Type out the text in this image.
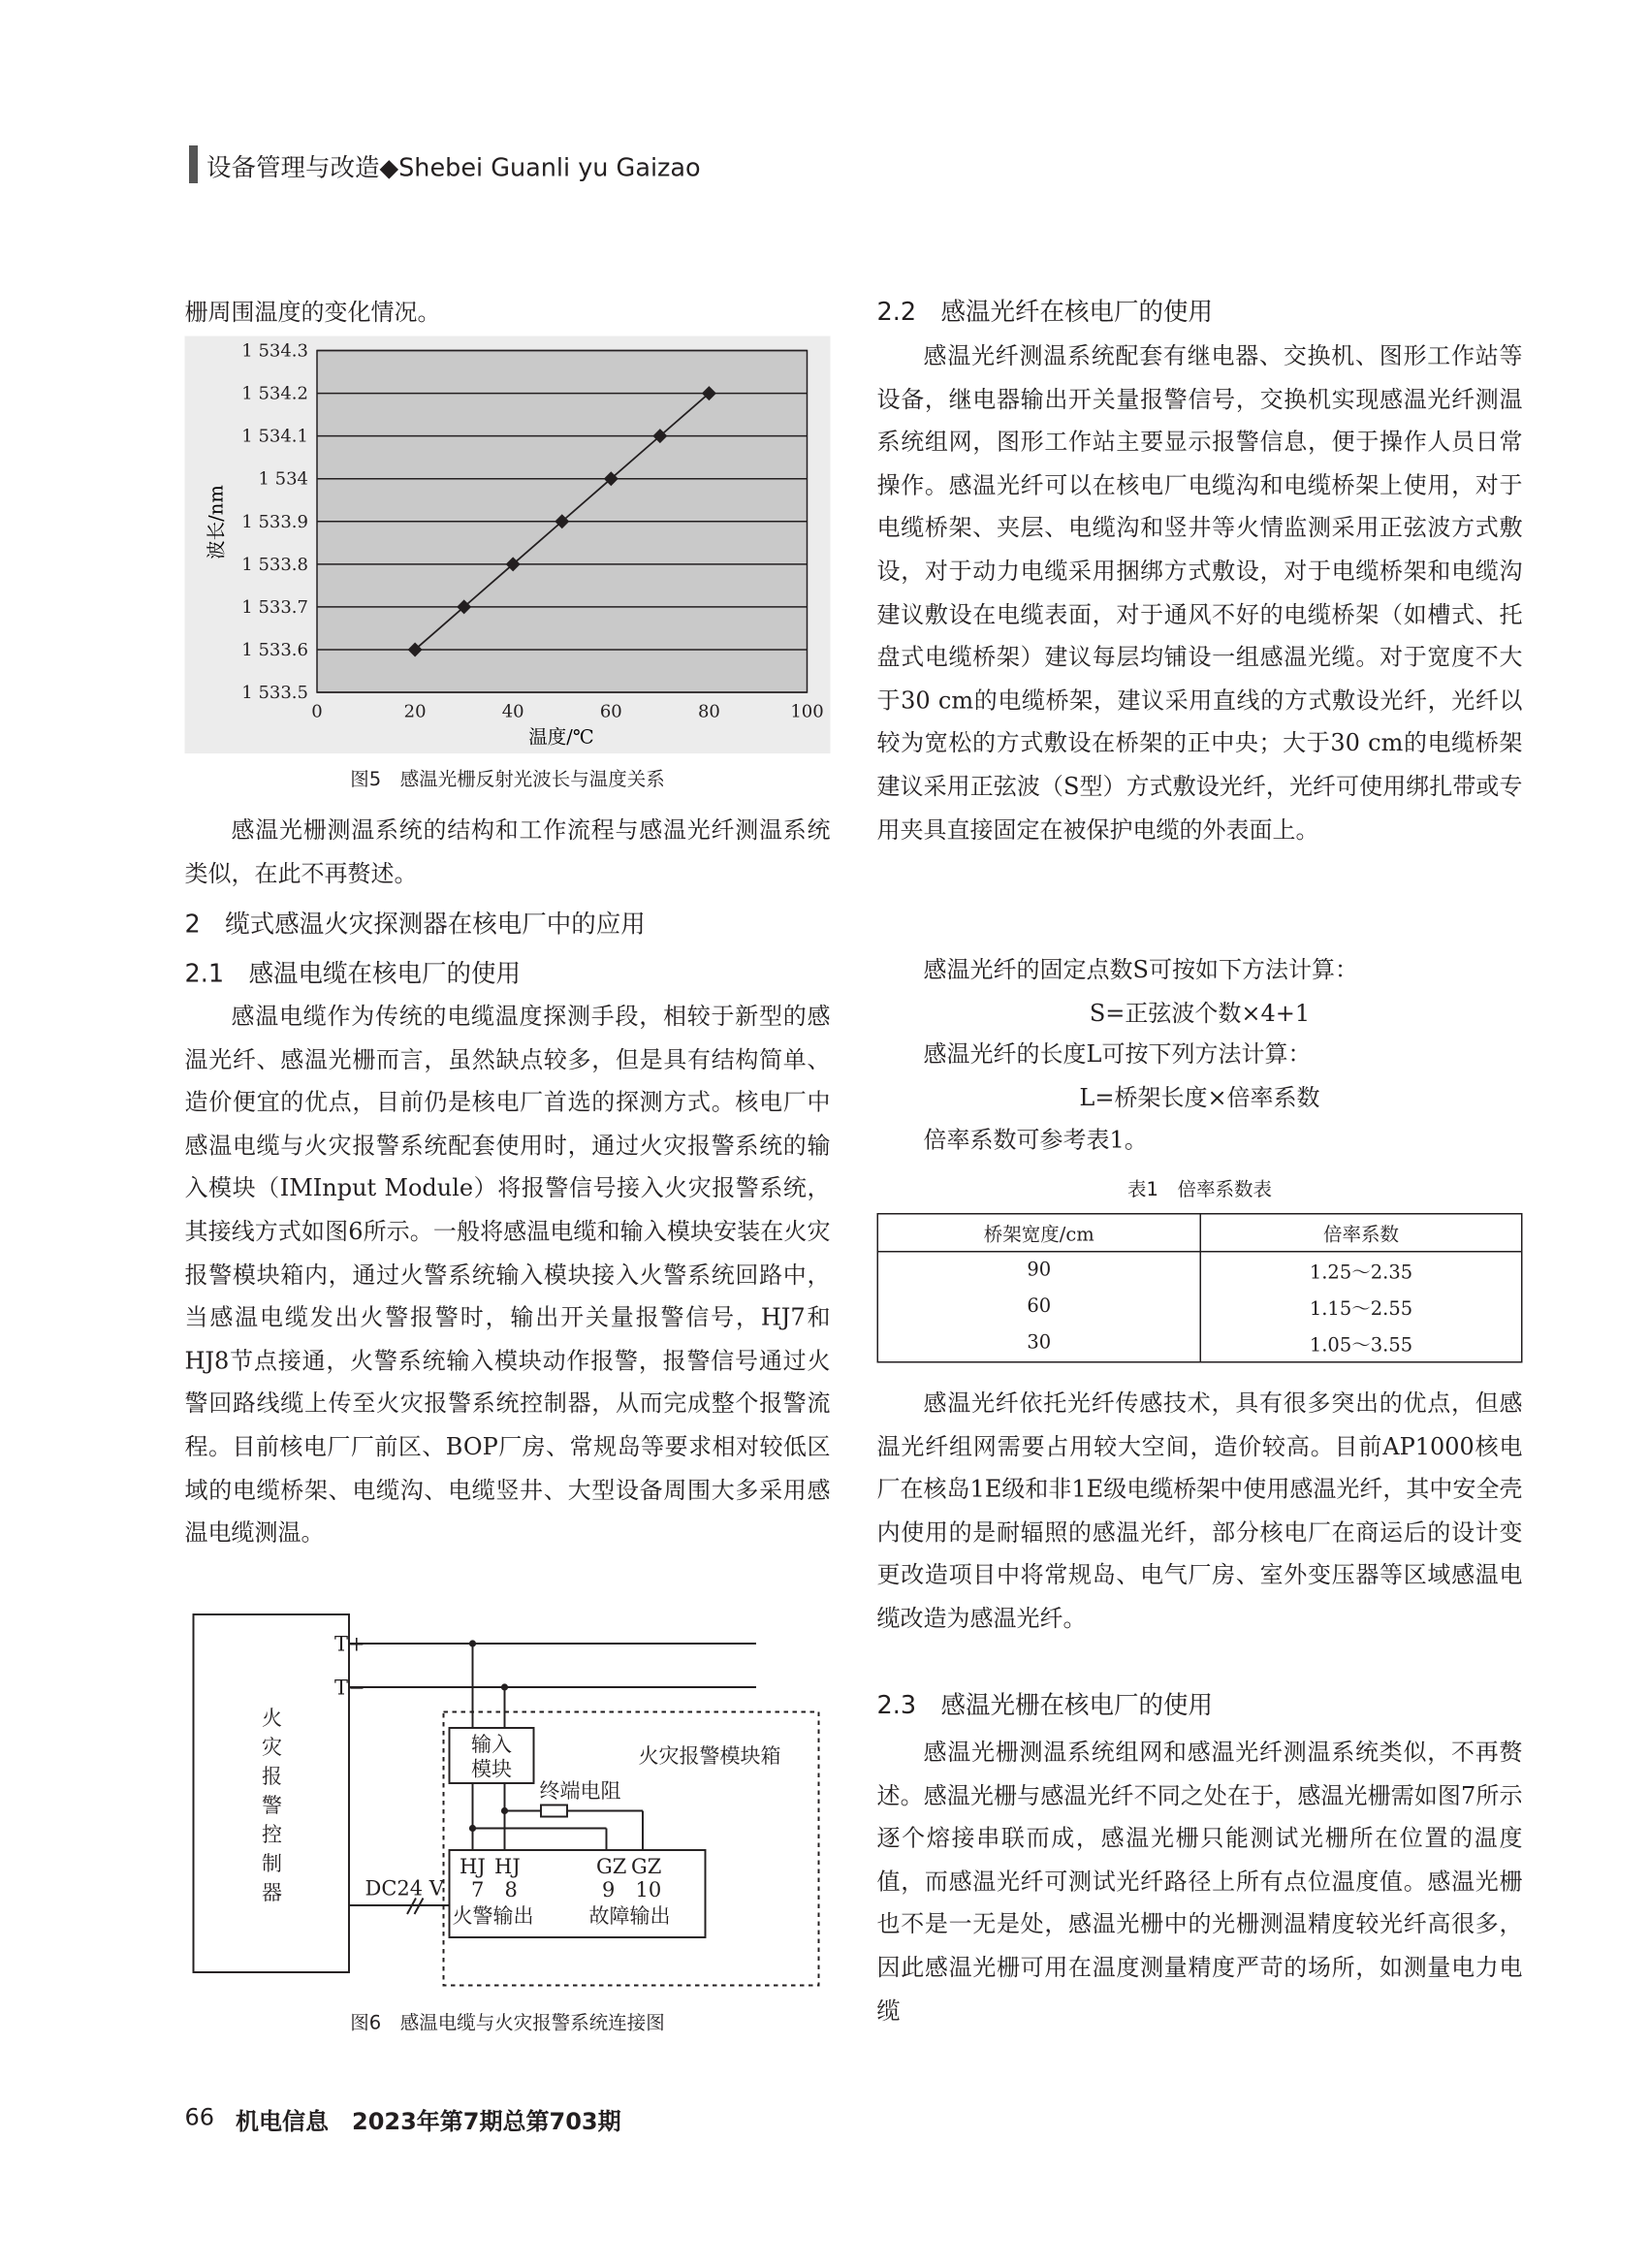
设备管理与改造◆Shebei Guanli yu Gaizao
栅周围温度的变化情况。
1 533.5
1 533.6
1 533.7
1 533.8
1 533.9
1 534
1 534.1
1 534.2
1 534.3
0	20	40	60	80	100
波长/nm
温度/℃
图5　感温光栅反射光波长与温度关系
感温光栅测温系统的结构和工作流程与感温光纤测温系统类似，在此不再赘述。
2　缆式感温火灾探测器在核电厂中的应用
2.1　感温电缆在核电厂的使用
感温电缆作为传统的电缆温度探测手段，相较于新型的感温光纤、感温光栅而言，虽然缺点较多，但是具有结构简单、造价便宜的优点，目前仍是核电厂首选的探测方式。核电厂中感温电缆与火灾报警系统配套使用时，通过火灾报警系统的输入模块（IMInput Module）将报警信号接入火灾报警系统，其接线方式如图6所示。一般将感温电缆和输入模块安装在火灾报警模块箱内，通过火警系统输入模块接入火警系统回路中，当感温电缆发出火警报警时，输出开关量报警信号，HJ7和HJ8节点接通，火警系统输入模块动作报警，报警信号通过火警回路线缆上传至火灾报警系统控制器，从而完成整个报警流程。目前核电厂厂前区、BOP厂房、常规岛等要求相对较低区域的电缆桥架、电缆沟、电缆竖井、大型设备周围大多采用感温电缆测温。
火
灾
报
警
控
制
器
T+
T−
输入
模块
火灾报警模块箱
终端电阻
HJ HJ	GZ GZ
7 8	9 10
火警输出	故障输出
DC24 V
图6　感温电缆与火灾报警系统连接图
2.2　感温光纤在核电厂的使用
感温光纤测温系统配套有继电器、交换机、图形工作站等设备，继电器输出开关量报警信号，交换机实现感温光纤测温系统组网，图形工作站主要显示报警信息，便于操作人员日常操作。感温光纤可以在核电厂电缆沟和电缆桥架上使用，对于电缆桥架、夹层、电缆沟和竖井等火情监测采用正弦波方式敷设，对于动力电缆采用捆绑方式敷设，对于电缆桥架和电缆沟建议敷设在电缆表面，对于通风不好的电缆桥架（如槽式、托盘式电缆桥架）建议每层均铺设一组感温光缆。对于宽度不大于30 cm的电缆桥架，建议采用直线的方式敷设光纤，光纤以较为宽松的方式敷设在桥架的正中央；大于30 cm的电缆桥架建议采用正弦波（S型）方式敷设光纤，光纤可使用绑扎带或专用夹具直接固定在被保护电缆的外表面上。
感温光纤的固定点数S可按如下方法计算：
S=正弦波个数×4+1
感温光纤的长度L可按下列方法计算：
L=桥架长度×倍率系数
倍率系数可参考表1。
表1　倍率系数表
桥架宽度/cm	倍率系数
90	1.25～2.35
60	1.15～2.55
30	1.05～3.55
感温光纤依托光纤传感技术，具有很多突出的优点，但感温光纤组网需要占用较大空间，造价较高。目前AP1000核电厂在核岛1E级和非1E级电缆桥架中使用感温光纤，其中安全壳内使用的是耐辐照的感温光纤，部分核电厂在商运后的设计变更改造项目中将常规岛、电气厂房、室外变压器等区域感温电缆改造为感温光纤。
2.3　感温光栅在核电厂的使用
感温光栅测温系统组网和感温光纤测温系统类似，不再赘述。感温光栅与感温光纤不同之处在于，感温光栅需如图7所示逐个熔接串联而成，感温光栅只能测试光栅所在位置的温度值，而感温光纤可测试光纤路径上所有点位温度值。感温光栅也不是一无是处，感温光栅中的光栅测温精度较光纤高很多，因此感温光栅可用在温度测量精度严苛的场所，如测量电力电缆
66 机电信息　2023年第7期总第703期
